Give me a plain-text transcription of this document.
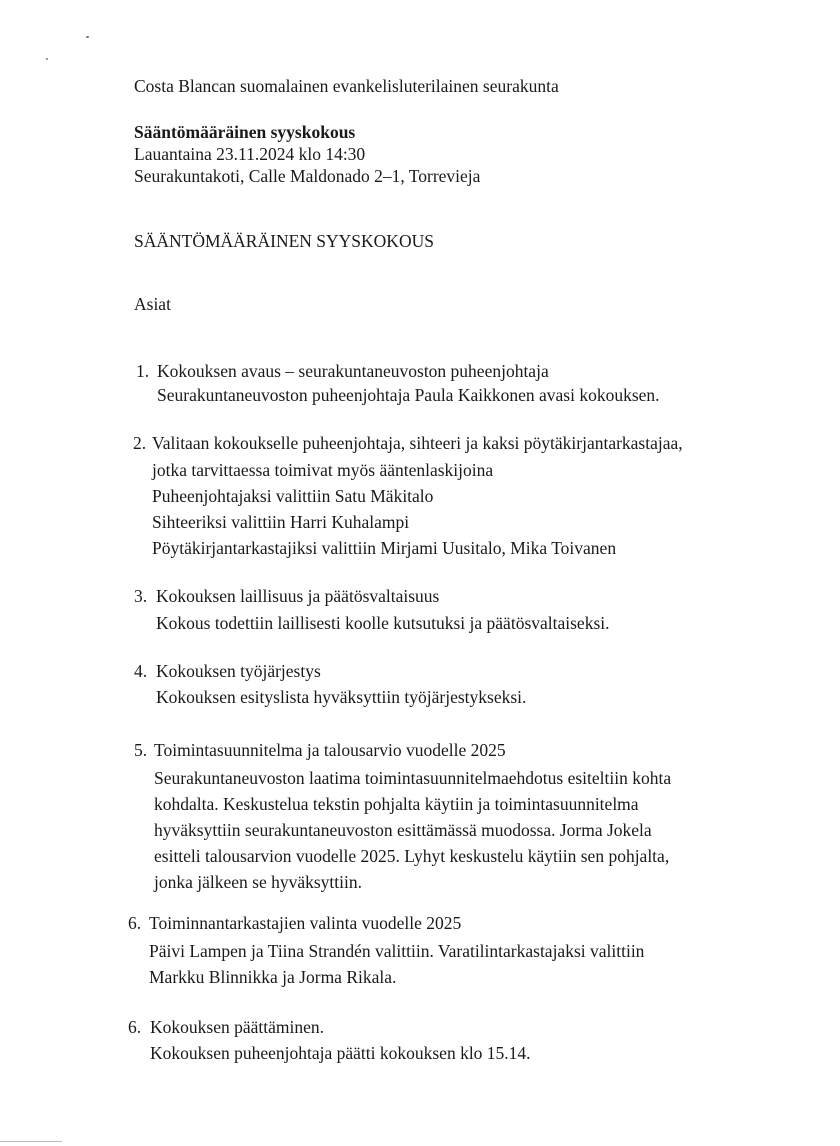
Costa Blancan suomalainen evankelisluterilainen seurakunta
Sääntömääräinen syyskokous
Lauantaina 23.11.2024 klo 14:30
Seurakuntakoti, Calle Maldonado 2–1, Torrevieja
SÄÄNTÖMÄÄRÄINEN SYYSKOKOUS
Asiat
1. Kokouksen avaus – seurakuntaneuvoston puheenjohtaja
Seurakuntaneuvoston puheenjohtaja Paula Kaikkonen avasi kokouksen.
2. Valitaan kokoukselle puheenjohtaja, sihteeri ja kaksi pöytäkirjantarkastajaa,
jotka tarvittaessa toimivat myös ääntenlaskijoina
Puheenjohtajaksi valittiin Satu Mäkitalo
Sihteeriksi valittiin Harri Kuhalampi
Pöytäkirjantarkastajiksi valittiin Mirjami Uusitalo, Mika Toivanen
3. Kokouksen laillisuus ja päätösvaltaisuus
Kokous todettiin laillisesti koolle kutsutuksi ja päätösvaltaiseksi.
4. Kokouksen työjärjestys
Kokouksen esityslista hyväksyttiin työjärjestykseksi.
5. Toimintasuunnitelma ja talousarvio vuodelle 2025
Seurakuntaneuvoston laatima toimintasuunnitelmaehdotus esiteltiin kohta
kohdalta. Keskustelua tekstin pohjalta käytiin ja toimintasuunnitelma
hyväksyttiin seurakuntaneuvoston esittämässä muodossa. Jorma Jokela
esitteli talousarvion vuodelle 2025. Lyhyt keskustelu käytiin sen pohjalta,
jonka jälkeen se hyväksyttiin.
6. Toiminnantarkastajien valinta vuodelle 2025
Päivi Lampen ja Tiina Strandén valittiin. Varatilintarkastajaksi valittiin
Markku Blinnikka ja Jorma Rikala.
6. Kokouksen päättäminen.
Kokouksen puheenjohtaja päätti kokouksen klo 15.14.
